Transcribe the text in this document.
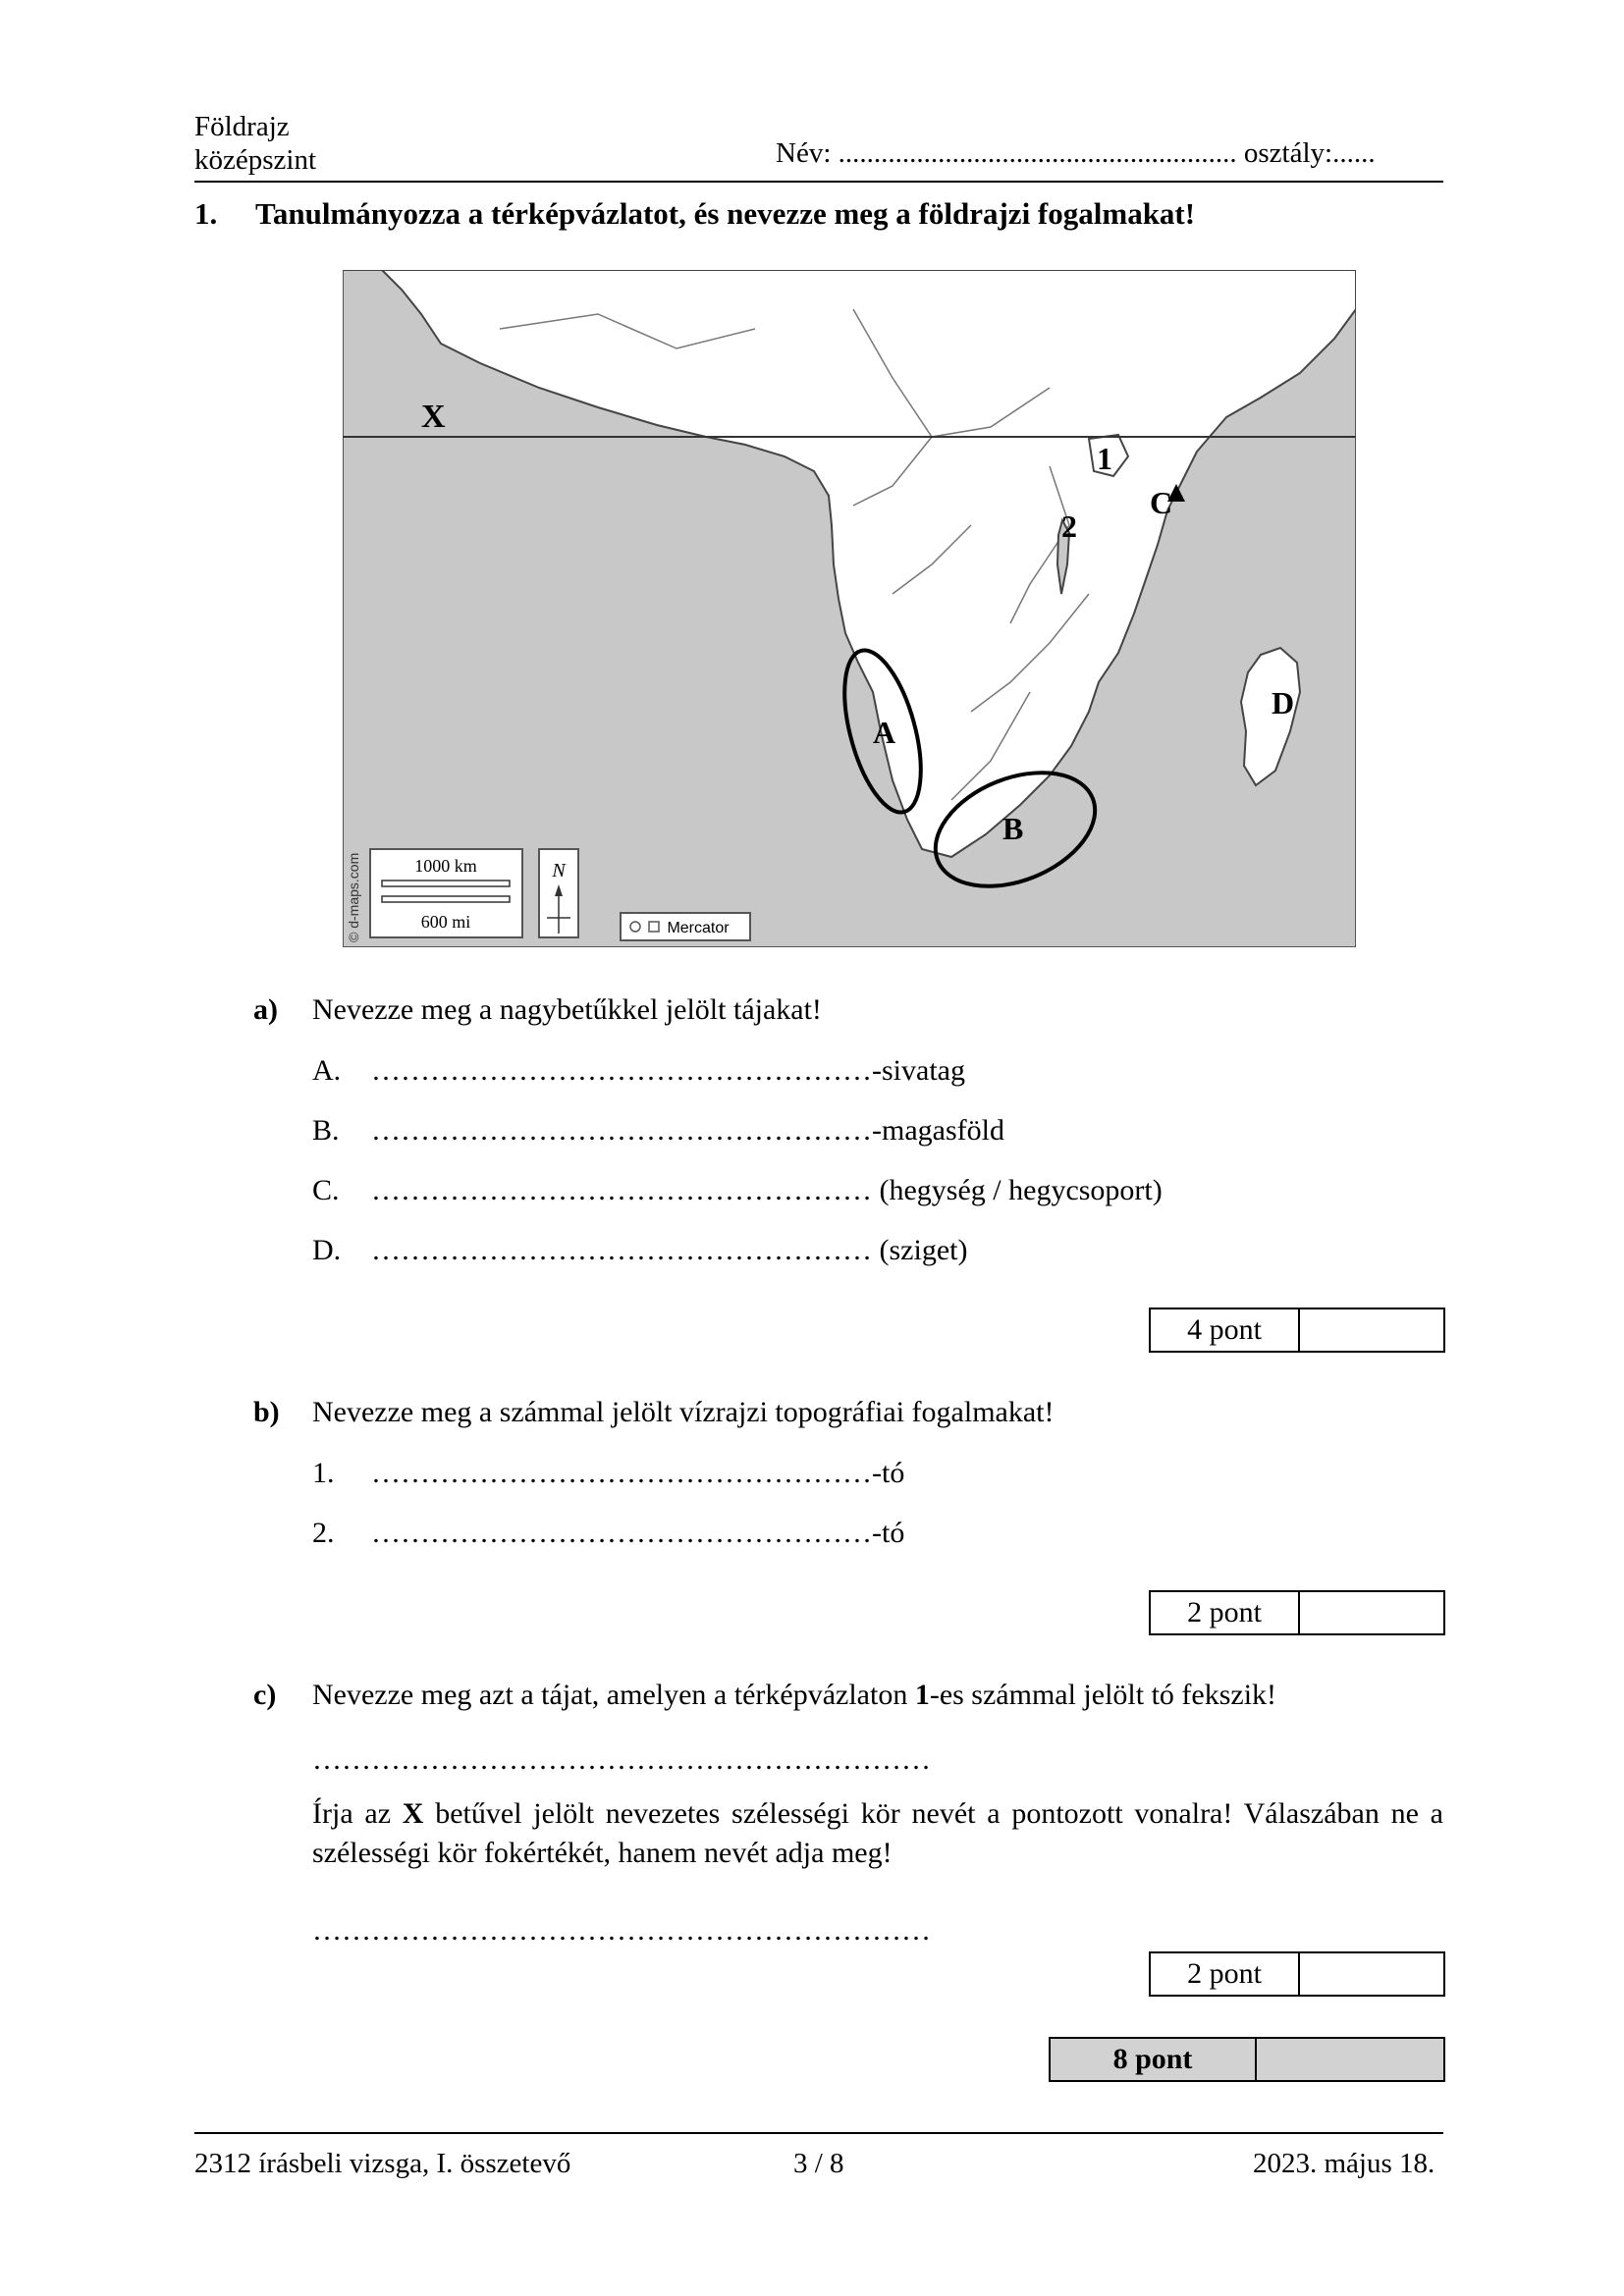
Földrajz
középszint	Név: ........................................................ osztály:......
1. Tanulmányozza a térképvázlatot, és nevezze meg a földrajzi fogalmakat!
X
A
B
C
D
1
2
1000 km
600 mi
N
Mercator
© d-maps.com
a) Nevezze meg a nagybetűkkel jelölt tájakat!
A. ……………………………………………-sivatag
B. ……………………………………………-magasföld
C. …………………………………………… (hegység / hegycsoport)
D. …………………………………………… (sziget)
4 pont
b) Nevezze meg a számmal jelölt vízrajzi topográfiai fogalmakat!
1. ……………………………………………-tó
2. ……………………………………………-tó
2 pont
c) Nevezze meg azt a tájat, amelyen a térképvázlaton 1-es számmal jelölt tó fekszik!
………………………………………………………
Írja az X betűvel jelölt nevezetes szélességi kör nevét a pontozott vonalra! Válaszában ne a szélességi kör fokértékét, hanem nevét adja meg!
………………………………………………………
2 pont
8 pont
2312 írásbeli vizsga, I. összetevő	3 / 8	2023. május 18.
